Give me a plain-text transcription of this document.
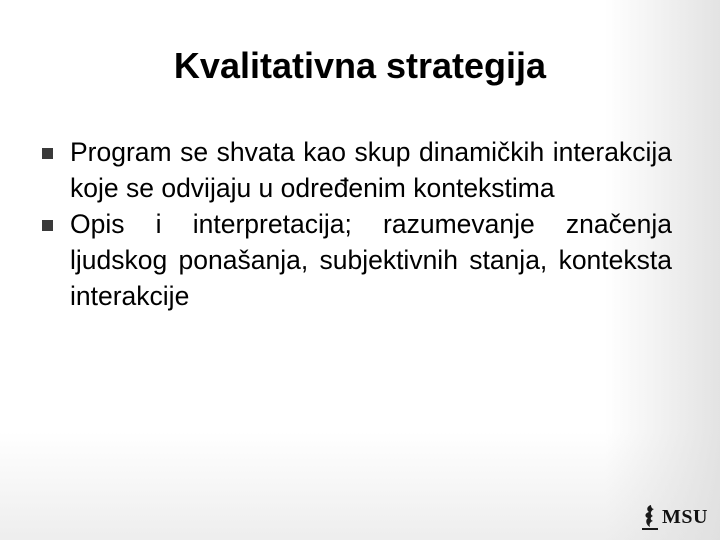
Kvalitativna strategija
Program se shvata kao skup dinamičkih interakcija koje se odvijaju u određenim kontekstima
Opis i interpretacija; razumevanje značenja ljudskog ponašanja, subjektivnih stanja, konteksta interakcije
MSU
